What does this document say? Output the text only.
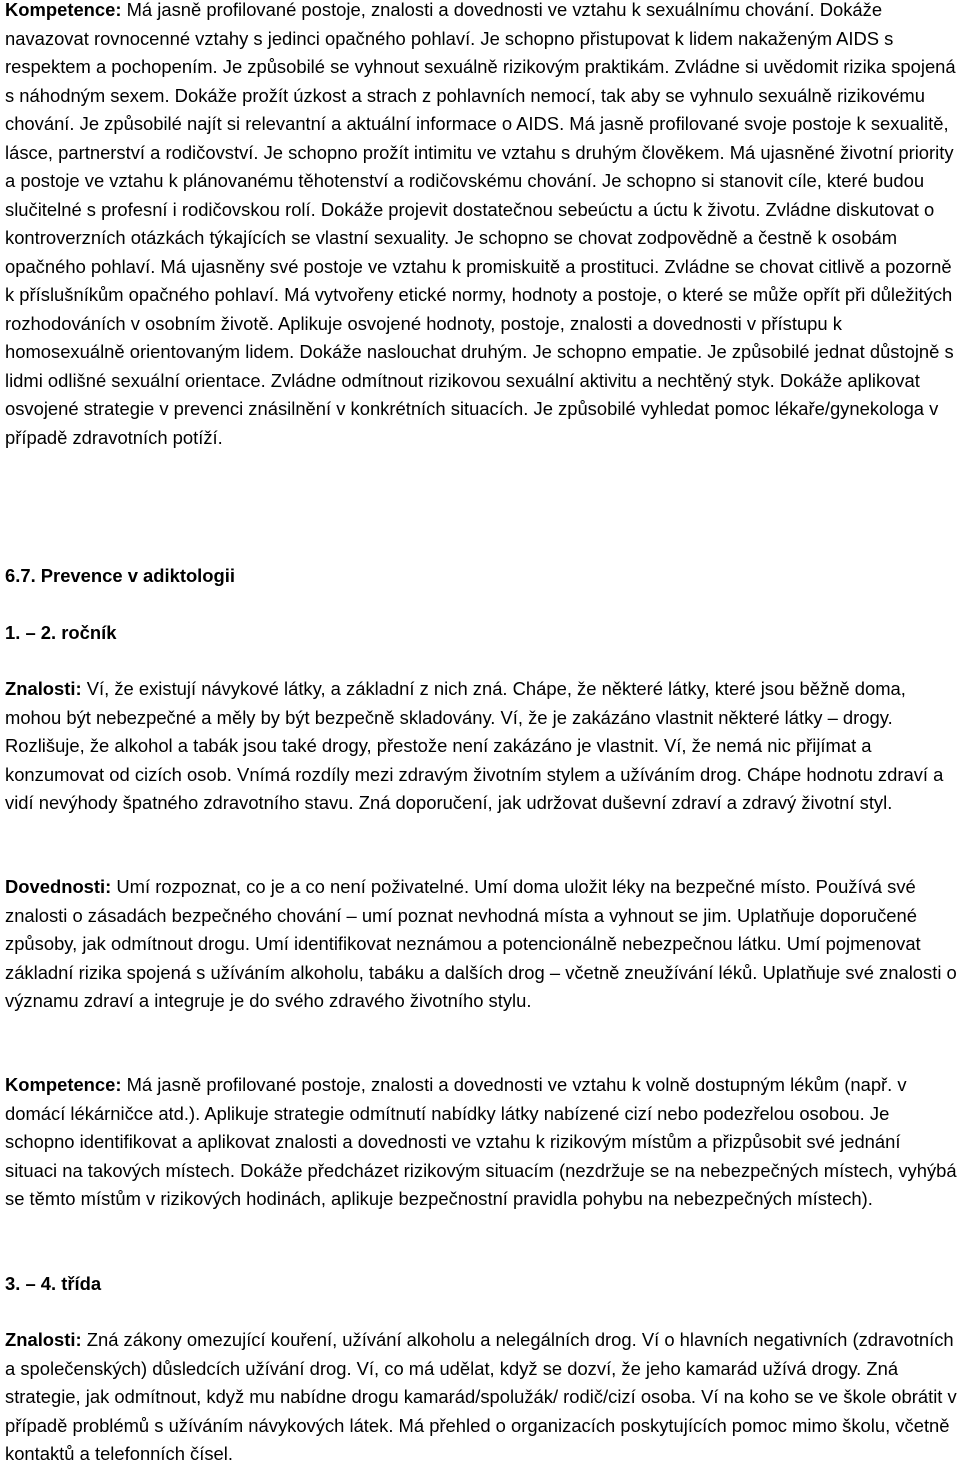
Kompetence: Má jasně profilované postoje, znalosti a dovednosti ve vztahu k sexuálnímu chování. Dokáže navazovat rovnocenné vztahy s jedinci opačného pohlaví. Je schopno přistupovat k lidem nakaženým AIDS s respektem a pochopením. Je způsobilé se vyhnout sexuálně rizikovým praktikám. Zvládne si uvědomit rizika spojená s náhodným sexem. Dokáže prožít úzkost a strach z pohlavních nemocí, tak aby se vyhnulo sexuálně rizikovému chování. Je způsobilé najít si relevantní a aktuální informace o AIDS. Má jasně profilované svoje postoje k sexualitě, lásce, partnerství a rodičovství. Je schopno prožít intimitu ve vztahu s druhým člověkem. Má ujasněné životní priority a postoje ve vztahu k plánovanému těhotenství a rodičovskému chování. Je schopno si stanovit cíle, které budou slučitelné s profesní i rodičovskou rolí. Dokáže projevit dostatečnou sebeúctu a úctu k životu. Zvládne diskutovat o kontroverzních otázkách týkajících se vlastní sexuality. Je schopno se chovat zodpovědně a čestně k osobám opačného pohlaví. Má ujasněny své postoje ve vztahu k promiskuitě a prostituci. Zvládne se chovat citlivě a pozorně k příslušníkům opačného pohlaví. Má vytvořeny etické normy, hodnoty a postoje, o které se může opřít při důležitých rozhodováních v osobním životě. Aplikuje osvojené hodnoty, postoje, znalosti a dovednosti v přístupu k homosexuálně orientovaným lidem. Dokáže naslouchat druhým. Je schopno empatie. Je způsobilé jednat důstojně s lidmi odlišné sexuální orientace. Zvládne odmítnout rizikovou sexuální aktivitu a nechtěný styk. Dokáže aplikovat osvojené strategie v prevenci znásilnění v konkrétních situacích. Je způsobilé vyhledat pomoc lékaře/gynekologa v případě zdravotních potíží.

6.7. Prevence v adiktologii
1. – 2. ročník

Znalosti: Ví, že existují návykové látky, a základní z nich zná. Chápe, že některé látky, které jsou běžně doma, mohou být nebezpečné a měly by být bezpečně skladovány. Ví, že je zakázáno vlastnit některé látky – drogy. Rozlišuje, že alkohol a tabák jsou také drogy, přestože není zakázáno je vlastnit. Ví, že nemá nic přijímat a konzumovat od cizích osob. Vnímá rozdíly mezi zdravým životním stylem a užíváním drog. Chápe hodnotu zdraví a vidí nevýhody špatného zdravotního stavu. Zná doporučení, jak udržovat duševní zdraví a zdravý životní styl.

Dovednosti: Umí rozpoznat, co je a co není poživatelné. Umí doma uložit léky na bezpečné místo. Používá své znalosti o zásadách bezpečného chování – umí poznat nevhodná místa a vyhnout se jim. Uplatňuje doporučené způsoby, jak odmítnout drogu. Umí identifikovat neznámou a potencionálně nebezpečnou látku. Umí pojmenovat základní rizika spojená s užíváním alkoholu, tabáku a dalších drog – včetně zneužívání léků. Uplatňuje své znalosti o významu zdraví a integruje je do svého zdravého životního stylu.

Kompetence: Má jasně profilované postoje, znalosti a dovednosti ve vztahu k volně dostupným lékům (např. v domácí lékárničce atd.). Aplikuje strategie odmítnutí nabídky látky nabízené cizí nebo podezřelou osobou. Je schopno identifikovat a aplikovat znalosti a dovednosti ve vztahu k rizikovým místům a přizpůsobit své jednání situaci na takových místech. Dokáže předcházet rizikovým situacím (nezdržuje se na nebezpečných místech, vyhýbá se těmto místům v rizikových hodinách, aplikuje bezpečnostní pravidla pohybu na nebezpečných místech).

3. – 4. třída

Znalosti: Zná zákony omezující kouření, užívání alkoholu a nelegálních drog. Ví o hlavních negativních (zdravotních a společenských) důsledcích užívání drog. Ví, co má udělat, když se dozví, že jeho kamarád užívá drogy. Zná strategie, jak odmítnout, když mu nabídne drogu kamarád/spolužák/ rodič/cizí osoba. Ví na koho se ve škole obrátit v případě problémů s užíváním návykových látek. Má přehled o organizacích poskytujících pomoc mimo školu, včetně kontaktů a telefonních čísel.
